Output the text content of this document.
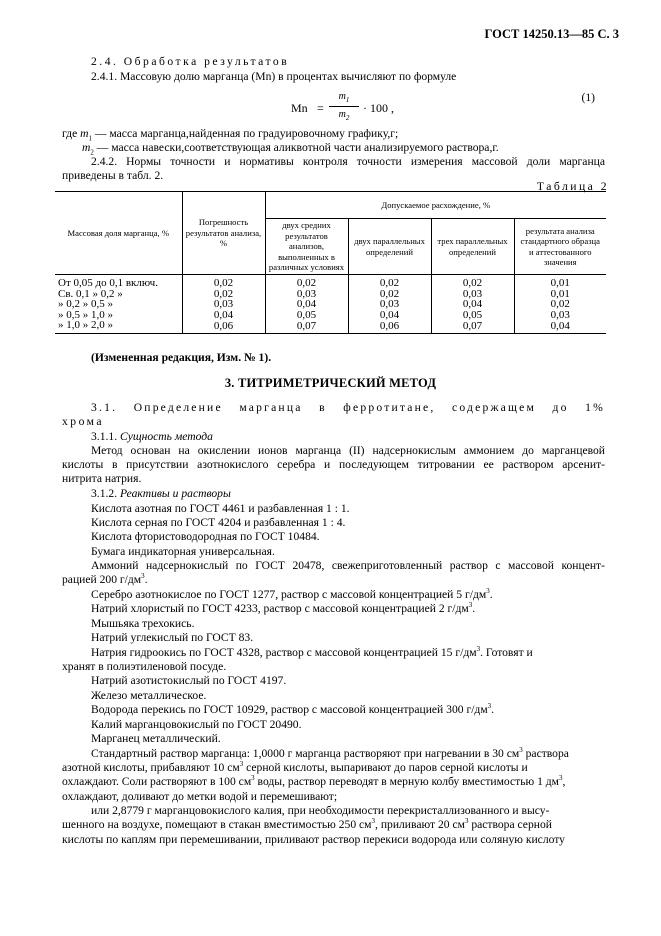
ГОСТ 14250.13—85 С. 3
2.4. Обработка результатов
2.4.1. Массовую долю марганца (Mn) в процентах вычисляют по формуле
Mn =
$m_1$
$m_2$
· 100 ,
(1)
где $m_1$ — масса марганца,найденная по градуировочному графику,г;
$m_2$ — масса навески,соответствующая аликвотной части анализируемого раствора,г.
2.4.2. Нормы точности и нормативы контроля точности измерения массовой доли марганца
приведены в табл. 2.
Таблица 2
Массовая доля марганца, %	Погрешность результатов анализа, %	Допускаемое расхождение, %			
		двух средних результатов анализов, выполненных в различных условиях	двух параллельных определений	трех параллельных определений	результата анализа стандартного образца и аттестованного значения
От 0,05 до 0,1 включ.	0,02	0,02	0,02	0,02	0,01
Св. 0,1 » 0,2 »	0,02	0,03	0,02	0,03	0,01
» 0,2 » 0,5 »	0,03	0,04	0,03	0,04	0,02
» 0,5 » 1,0 »	0,04	0,05	0,04	0,05	0,03
» 1,0 » 2,0 »	0,06	0,07	0,06	0,07	0,04
(Измененная редакция, Изм. № 1).
3. ТИТРИМЕТРИЧЕСКИЙ МЕТОД
3.1. Определение марганца в ферротитане, содержащем до 1%
хрома
3.1.1. Сущность метода
Метод основан на окислении ионов марганца (II) надсернокислым аммонием до марганцевой
кислоты в присутствии азотнокислого серебра и последующем титровании ее раствором арсенит-
нитрита натрия.
3.1.2. Реактивы и растворы
Кислота азотная по ГОСТ 4461 и разбавленная 1 : 1.
Кислота серная по ГОСТ 4204 и разбавленная 1 : 4.
Кислота фтористоводородная по ГОСТ 10484.
Бумага индикаторная универсальная.
Аммоний надсернокислый по ГОСТ 20478, свежеприготовленный раствор с массовой концент-
рацией 200 $г/дм^3$.
Серебро азотнокислое по ГОСТ 1277, раствор с массовой концентрацией 5 $г/дм^3$.
Натрий хлористый по ГОСТ 4233, раствор с массовой концентрацией 2 $г/дм^3$.
Мышьяка трехокись.
Натрий углекислый по ГОСТ 83.
Натрия гидроокись по ГОСТ 4328, раствор с массовой концентрацией 15 $г/дм^3$. Готовят и
хранят в полиэтиленовой посуде.
Натрий азотистокислый по ГОСТ 4197.
Железо металлическое.
Водорода перекись по ГОСТ 10929, раствор с массовой концентрацией 300 $г/дм^3$.
Калий марганцовокислый по ГОСТ 20490.
Марганец металлический.
Стандартный раствор марганца: 1,0000 г марганца растворяют при нагревании в 30 $см^3$ раствора
азотной кислоты, прибавляют 10 $см^3$ серной кислоты, выпаривают до паров серной кислоты и
охлаждают. Соли растворяют в 100 $см^3$ воды, раствор переводят в мерную колбу вместимостью 1 $дм^3$,
охлаждают, доливают до метки водой и перемешивают;
или 2,8779 г марганцовокислого калия, при необходимости перекристаллизованного и высу-
шенного на воздухе, помещают в стакан вместимостью 250 $см^3$, приливают 20 $см^3$ раствора серной
кислоты по каплям при перемешивании, приливают раствор перекиси водорода или соляную кислоту
